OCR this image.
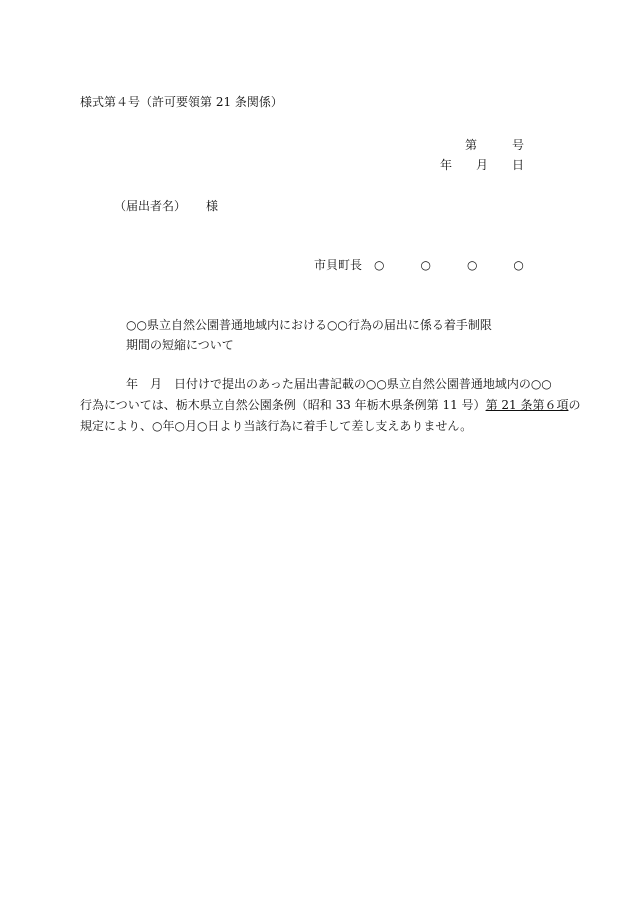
様式第４号（許可要領第 21 条関係）
第	号
年 月 日
（届出者名） 様
市貝町長 ○　○　○　○
○○県立自然公園普通地域内における○○行為の届出に係る着手制限
期間の短縮について
年　月　日付けで提出のあった届出書記載の○○県立自然公園普通地域内の○○
行為については、栃木県立自然公園条例（昭和 33 年栃木県条例第 11 号）第 21 条第６項の
規定により、○年○月○日より当該行為に着手して差し支えありません。
